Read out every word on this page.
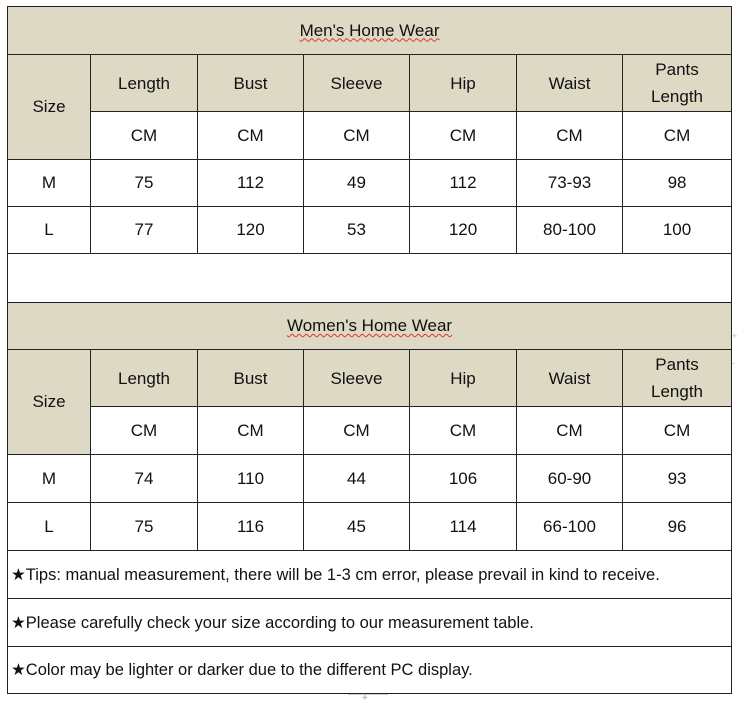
Men's Home Wear						
Size	Length	Bust	Sleeve	Hip	Waist	Pants Length
	CM	CM	CM	CM	CM	CM
M	75	112	49	112	73-93	98
L	77	120	53	120	80-100	100

Women's Home Wear						
Size	Length	Bust	Sleeve	Hip	Waist	Pants Length
	CM	CM	CM	CM	CM	CM
M	74	110	44	106	60-90	93
L	75	116	45	114	66-100	96
★Tips: manual measurement, there will be 1-3 cm error, please prevail in kind to receive.						
★Please carefully check your size according to our measurement table.						
★Color may be lighter or darker due to the different PC display.						
+
-
+
